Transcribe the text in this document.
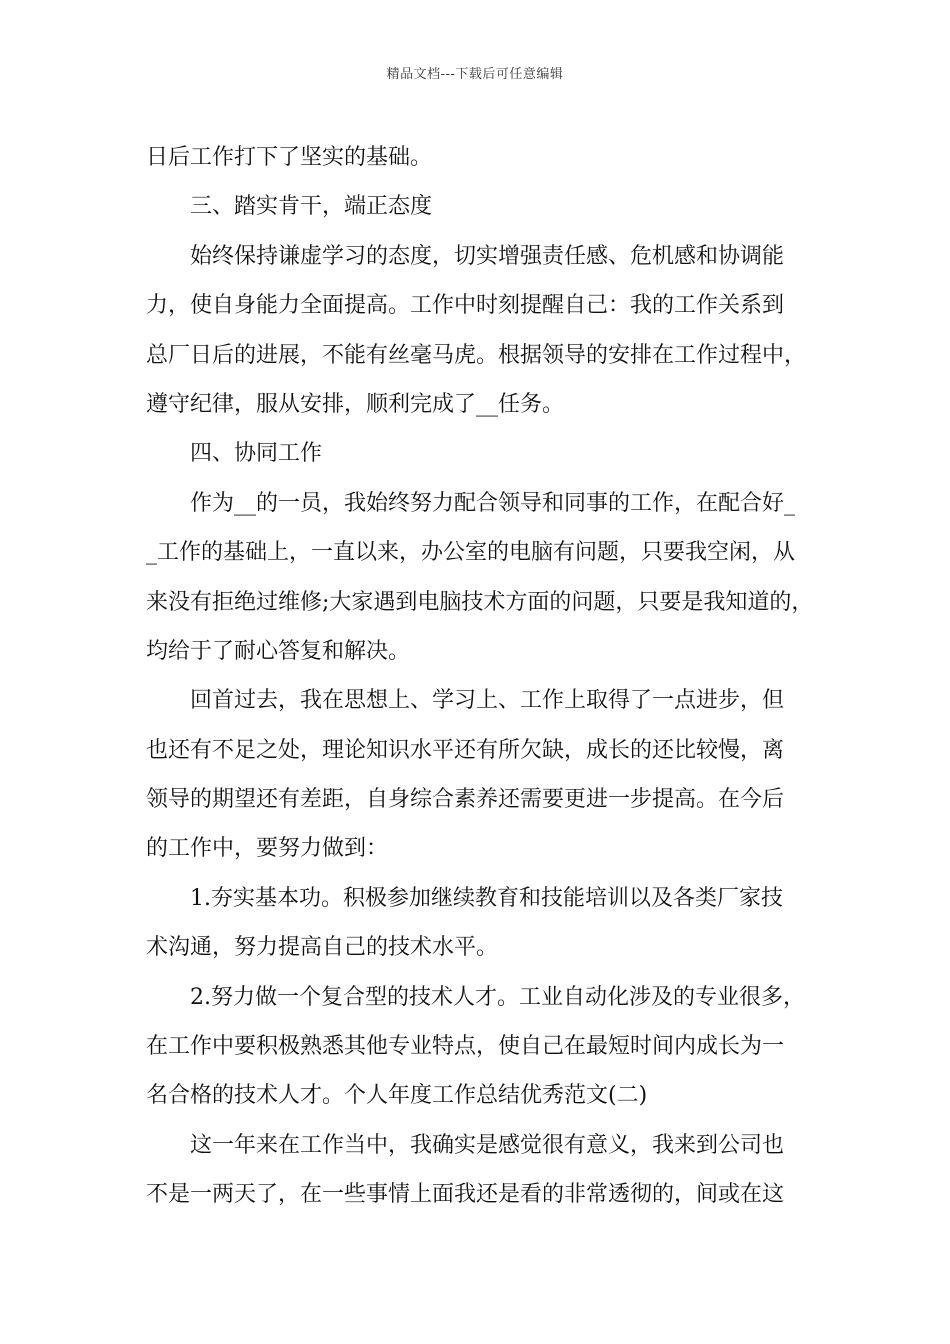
精品文档---下载后可任意编辑
日后工作打下了坚实的基础。
三、踏实肯干，端正态度
始终保持谦虚学习的态度，切实增强责任感、危机感和协调能
力，使自身能力全面提高。工作中时刻提醒自己：我的工作关系到
总厂日后的进展，不能有丝毫马虎。根据领导的安排在工作过程中，
遵守纪律，服从安排，顺利完成了__任务。
四、协同工作
作为__的一员，我始终努力配合领导和同事的工作，在配合好_
_工作的基础上，一直以来，办公室的电脑有问题，只要我空闲，从
来没有拒绝过维修;大家遇到电脑技术方面的问题，只要是我知道的，
均给于了耐心答复和解决。
回首过去，我在思想上、学习上、工作上取得了一点进步，但
也还有不足之处，理论知识水平还有所欠缺，成长的还比较慢，离
领导的期望还有差距，自身综合素养还需要更进一步提高。在今后
的工作中，要努力做到：
1.夯实基本功。积极参加继续教育和技能培训以及各类厂家技
术沟通，努力提高自己的技术水平。
2.努力做一个复合型的技术人才。工业自动化涉及的专业很多，
在工作中要积极熟悉其他专业特点，使自己在最短时间内成长为一
名合格的技术人才。个人年度工作总结优秀范文(二)
这一年来在工作当中，我确实是感觉很有意义，我来到公司也
不是一两天了，在一些事情上面我还是看的非常透彻的，间或在这
